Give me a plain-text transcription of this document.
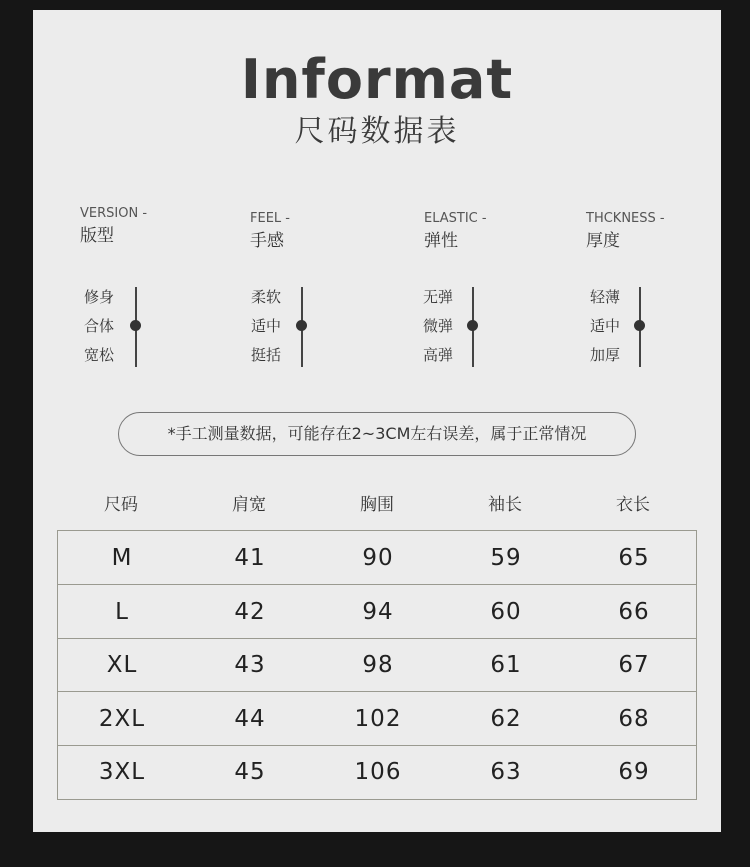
Informat
尺码数据表
VERSION -
版型
FEEL -
手感
ELASTIC -
弹性
THCKNESS -
厚度
修身
合体
宽松
柔软
适中
挺括
无弹
微弹
高弹
轻薄
适中
加厚
*手工测量数据，可能存在2~3CM左右误差，属于正常情况
尺码	肩宽	胸围	袖长	衣长
M	41	90	59	65
L	42	94	60	66
XL	43	98	61	67
2XL	44	102	62	68
3XL	45	106	63	69
